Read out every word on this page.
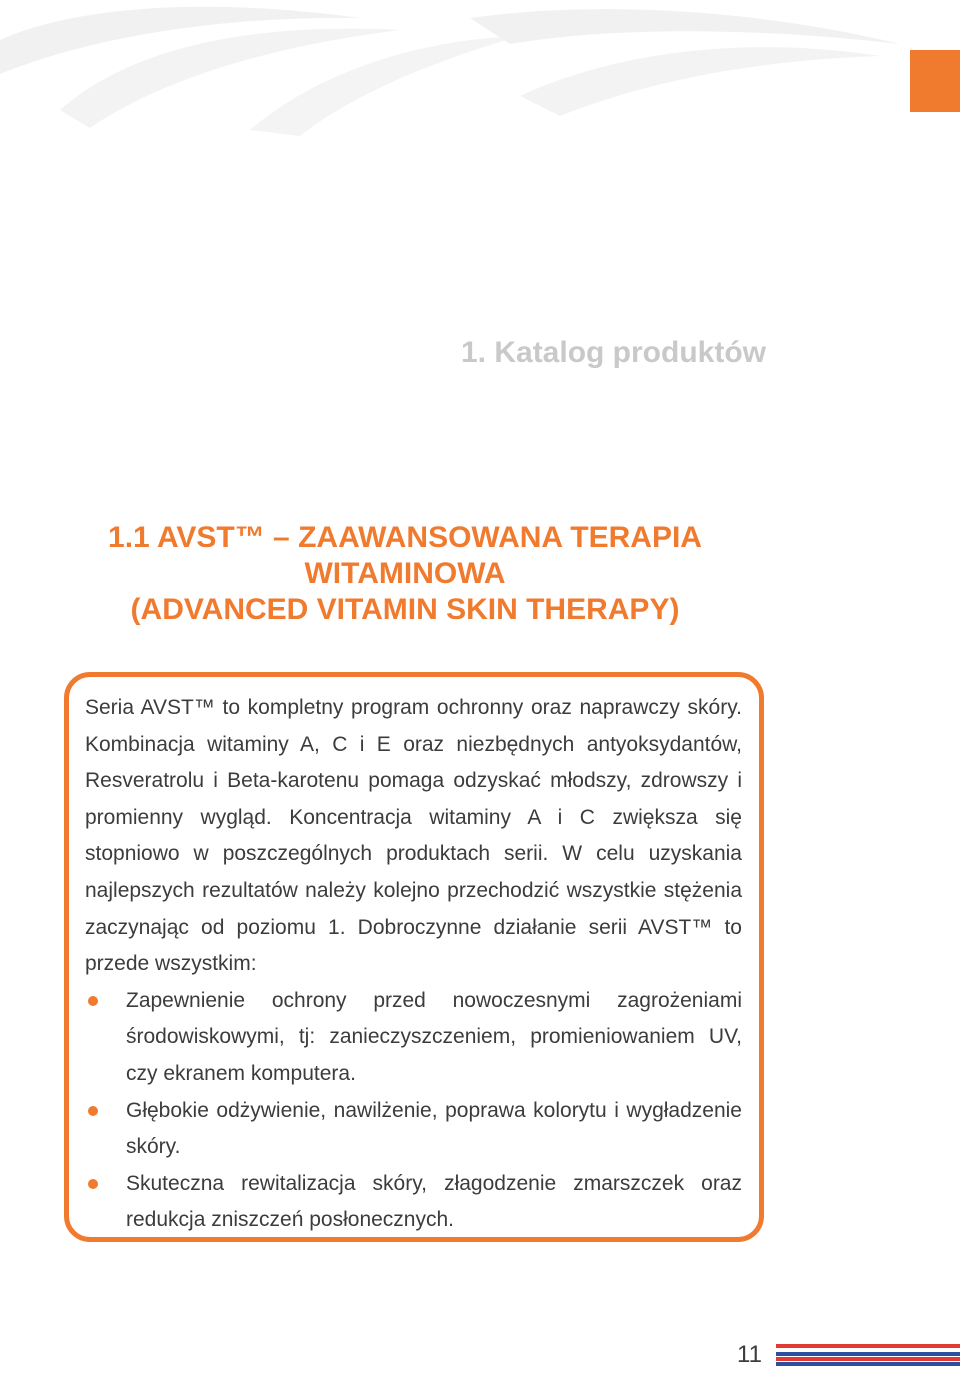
1. Katalog produktów
1.1 AVST™ – ZAAWANSOWANA TERAPIA
WITAMINOWA
(ADVANCED VITAMIN SKIN THERAPY)

Seria AVST™ to kompletny program ochronny oraz naprawczy skóry. Kombinacja witaminy A, C i E oraz niezbędnych antyoksydantów, Resveratrolu i Beta-karotenu pomaga odzyskać młodszy, zdrowszy i promienny wygląd. Koncentracja witaminy A i C zwiększa się stopniowo w poszczególnych produktach serii. W celu uzyskania najlepszych rezultatów należy kolejno przechodzić wszystkie stężenia zaczynając od poziomu 1. Dobroczynne działanie serii AVST™ to przede wszystkim:

Zapewnienie ochrony przed nowoczesnymi zagrożeniami środowiskowymi, tj: zanieczyszczeniem, promieniowaniem UV, czy ekranem komputera.
Głębokie odżywienie, nawilżenie, poprawa kolorytu i wygładzenie skóry.
Skuteczna rewitalizacja skóry, złagodzenie zmarszczek oraz redukcja zniszczeń posłonecznych.
11
